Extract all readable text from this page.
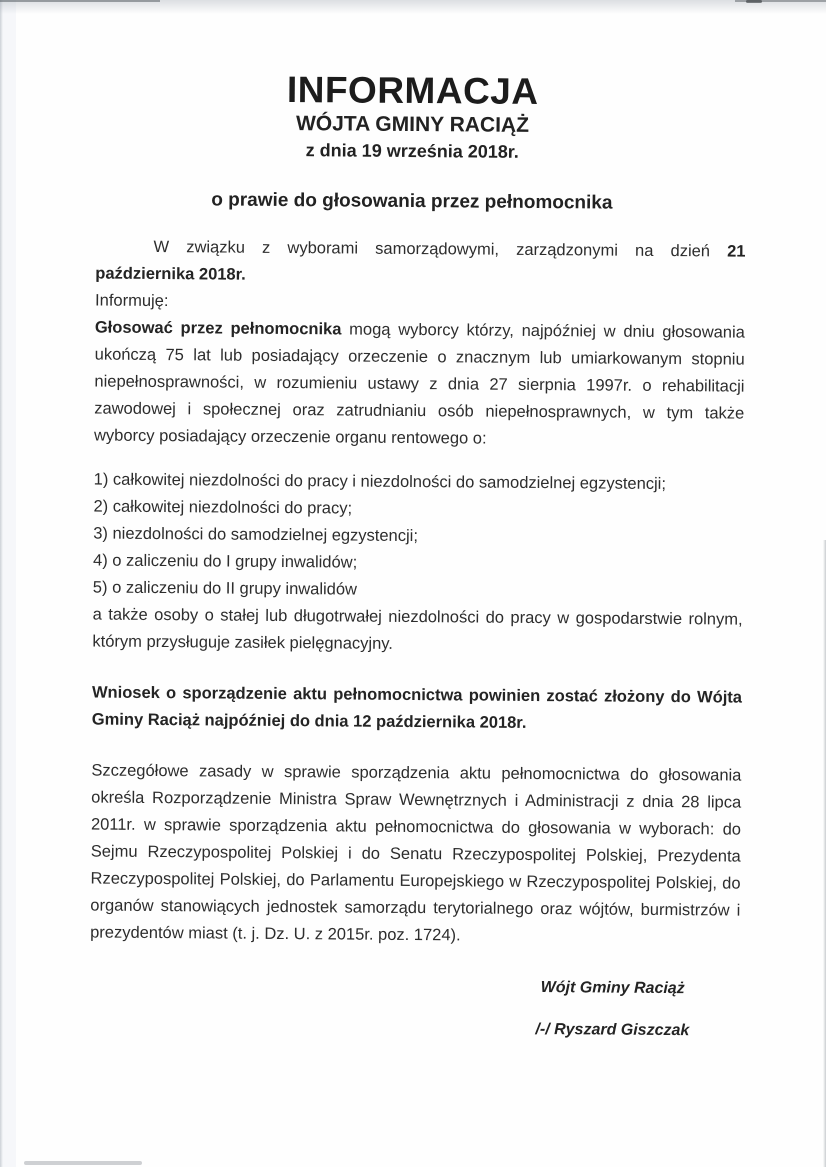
INFORMACJA
WÓJTA GMINY RACIĄŻ
z dnia 19 września 2018r.
o prawie do głosowania przez pełnomocnika
W związku z wyborami samorządowymi, zarządzonymi na dzień 21 października 2018r.
Informuję:
Głosować przez pełnomocnika mogą wyborcy którzy, najpóźniej w dniu głosowania ukończą 75 lat lub posiadający orzeczenie o znacznym lub umiarkowanym stopniu niepełnosprawności, w rozumieniu ustawy z dnia 27 sierpnia 1997r. o rehabilitacji zawodowej i społecznej oraz zatrudnianiu osób niepełnosprawnych, w tym także wyborcy posiadający orzeczenie organu rentowego o:
1) całkowitej niezdolności do pracy i niezdolności do samodzielnej egzystencji;
2) całkowitej niezdolności do pracy;
3) niezdolności do samodzielnej egzystencji;
4) o zaliczeniu do I grupy inwalidów;
5) o zaliczeniu do II grupy inwalidów
a także osoby o stałej lub długotrwałej niezdolności do pracy w gospodarstwie rolnym, którym przysługuje zasiłek pielęgnacyjny.
Wniosek o sporządzenie aktu pełnomocnictwa powinien zostać złożony do Wójta Gminy Raciąż najpóźniej do dnia 12 października 2018r.
Szczegółowe zasady w sprawie sporządzenia aktu pełnomocnictwa do głosowania określa Rozporządzenie Ministra Spraw Wewnętrznych i Administracji z dnia 28 lipca 2011r. w sprawie sporządzenia aktu pełnomocnictwa do głosowania w wyborach: do Sejmu Rzeczypospolitej Polskiej i do Senatu Rzeczypospolitej Polskiej, Prezydenta Rzeczypospolitej Polskiej, do Parlamentu Europejskiego w Rzeczypospolitej Polskiej, do organów stanowiących jednostek samorządu terytorialnego oraz wójtów, burmistrzów i prezydentów miast (t. j. Dz. U. z 2015r. poz. 1724).
Wójt Gminy Raciąż
/-/ Ryszard Giszczak
